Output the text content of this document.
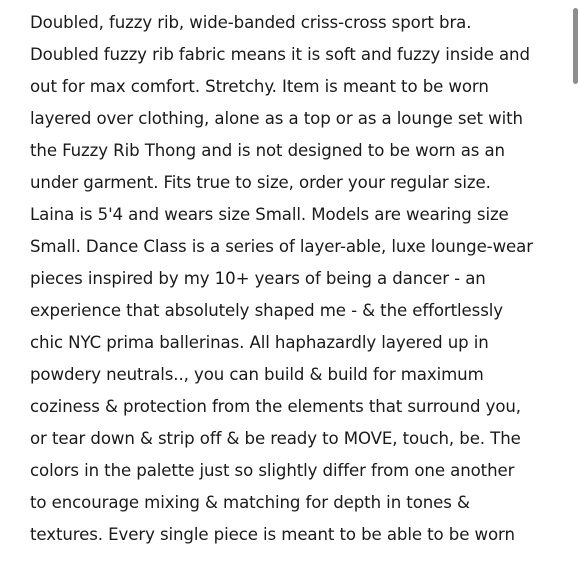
Doubled, fuzzy rib, wide-banded criss-cross sport bra.
Doubled fuzzy rib fabric means it is soft and fuzzy inside and
out for max comfort. Stretchy. Item is meant to be worn
layered over clothing, alone as a top or as a lounge set with
the Fuzzy Rib Thong and is not designed to be worn as an
under garment. Fits true to size, order your regular size.
Laina is 5'4 and wears size Small. Models are wearing size
Small. Dance Class is a series of layer-able, luxe lounge-wear
pieces inspired by my 10+ years of being a dancer - an
experience that absolutely shaped me - & the effortlessly
chic NYC prima ballerinas. All haphazardly layered up in
powdery neutrals.., you can build & build for maximum
coziness & protection from the elements that surround you,
or tear down & strip off & be ready to MOVE, touch, be. The
colors in the palette just so slightly differ from one another
to encourage mixing & matching for depth in tones &
textures. Every single piece is meant to be able to be worn
